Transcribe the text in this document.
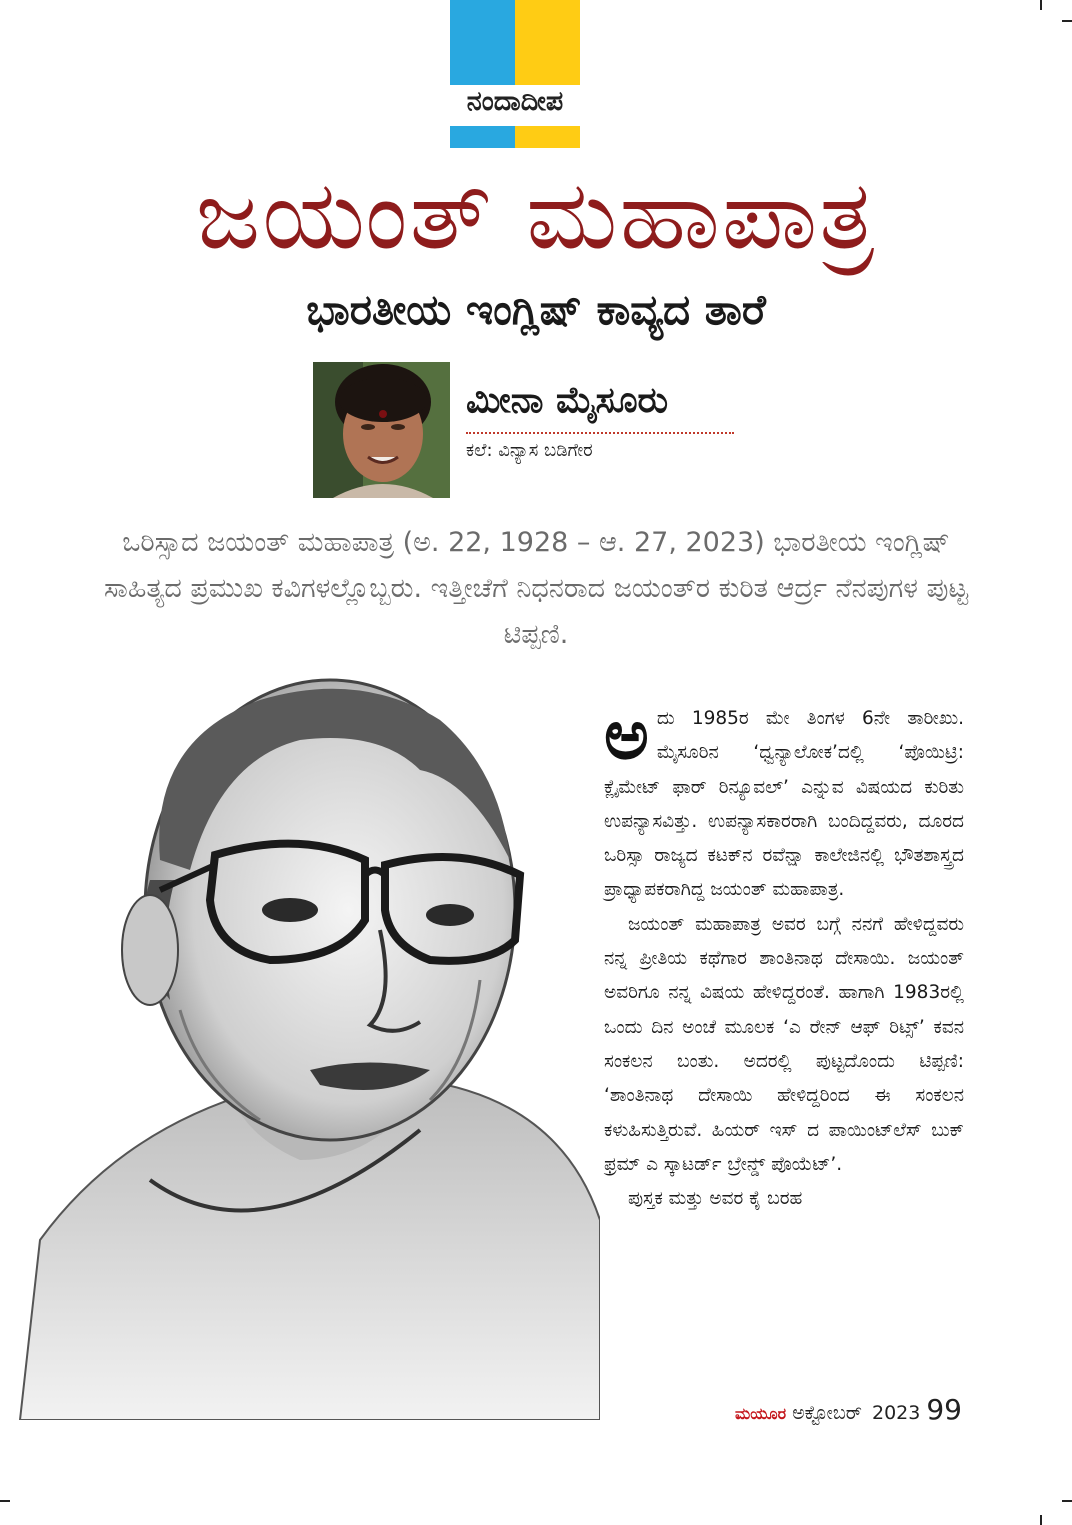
ನಂದಾದೀಪ
ಜಯಂತ್ ಮಹಾಪಾತ್ರ
ಭಾರತೀಯ ಇಂಗ್ಲಿಷ್ ಕಾವ್ಯದ ತಾರೆ
ಮೀನಾ ಮೈಸೂರು
ಕಲೆ: ವಿನ್ಯಾಸ ಬಡಿಗೇರ
ಒರಿಸ್ಸಾದ ಜಯಂತ್ ಮಹಾಪಾತ್ರ (ಅ. 22, 1928 – ಆ. 27, 2023) ಭಾರತೀಯ ಇಂಗ್ಲಿಷ್ ಸಾಹಿತ್ಯದ ಪ್ರಮುಖ ಕವಿಗಳಲ್ಲೊಬ್ಬರು. ಇತ್ತೀಚೆಗೆ ನಿಧನರಾದ ಜಯಂತ್‌ರ ಕುರಿತ ಆರ್ದ್ರ ನೆನಪುಗಳ ಪುಟ್ಟ ಟಿಪ್ಪಣಿ.

ಅದು 1985ರ ಮೇ ತಿಂಗಳ 6ನೇ ತಾರೀಖು. ಮೈಸೂರಿನ ‘ಧ್ವನ್ಯಾಲೋಕ’ದಲ್ಲಿ ‘ಪೊಯಿಟ್ರಿ: ಕ್ಲೈಮೇಟ್ ಫಾರ್ ರಿನ್ಯೂವಲ್’ ಎನ್ನುವ ವಿಷಯದ ಕುರಿತು ಉಪನ್ಯಾಸವಿತ್ತು. ಉಪನ್ಯಾಸಕಾರರಾಗಿ ಬಂದಿದ್ದವರು, ದೂರದ ಒರಿಸ್ಸಾ ರಾಜ್ಯದ ಕಟಕ್‌ನ ರವೆನ್ಷಾ ಕಾಲೇಜಿನಲ್ಲಿ ಭೌತಶಾಸ್ತ್ರದ ಪ್ರಾಧ್ಯಾಪಕರಾಗಿದ್ದ ಜಯಂತ್ ಮಹಾಪಾತ್ರ.

ಜಯಂತ್ ಮಹಾಪಾತ್ರ ಅವರ ಬಗ್ಗೆ ನನಗೆ ಹೇಳಿದ್ದವರು ನನ್ನ ಪ್ರೀತಿಯ ಕಥೆಗಾರ ಶಾಂತಿನಾಥ ದೇಸಾಯಿ. ಜಯಂತ್ ಅವರಿಗೂ ನನ್ನ ವಿಷಯ ಹೇಳಿದ್ದರಂತೆ. ಹಾಗಾಗಿ 1983ರಲ್ಲಿ ಒಂದು ದಿನ ಅಂಚೆ ಮೂಲಕ ‘ಎ ರೇನ್ ಆಫ್ ರಿಟ್ಸ್’ ಕವನ ಸಂಕಲನ ಬಂತು. ಅದರಲ್ಲಿ ಪುಟ್ಟದೊಂದು ಟಿಪ್ಪಣಿ: ‘ಶಾಂತಿನಾಥ ದೇಸಾಯಿ ಹೇಳಿದ್ದರಿಂದ ಈ ಸಂಕಲನ ಕಳುಹಿಸುತ್ತಿರುವೆ. ಹಿಯರ್ ಇಸ್ ದ ಪಾಯಿಂಟ್‌ಲೆಸ್ ಬುಕ್ ಫ್ರಮ್ ಎ ಸ್ಕಾಟರ್ಡ್ ಬ್ರೇನ್ಡ್ ಪೊಯೆಟ್’.

ಪುಸ್ತಕ ಮತ್ತು ಅವರ ಕೈ ಬರಹ

ಮಯೂರ ಅಕ್ಟೋಬರ್ 2023 99
